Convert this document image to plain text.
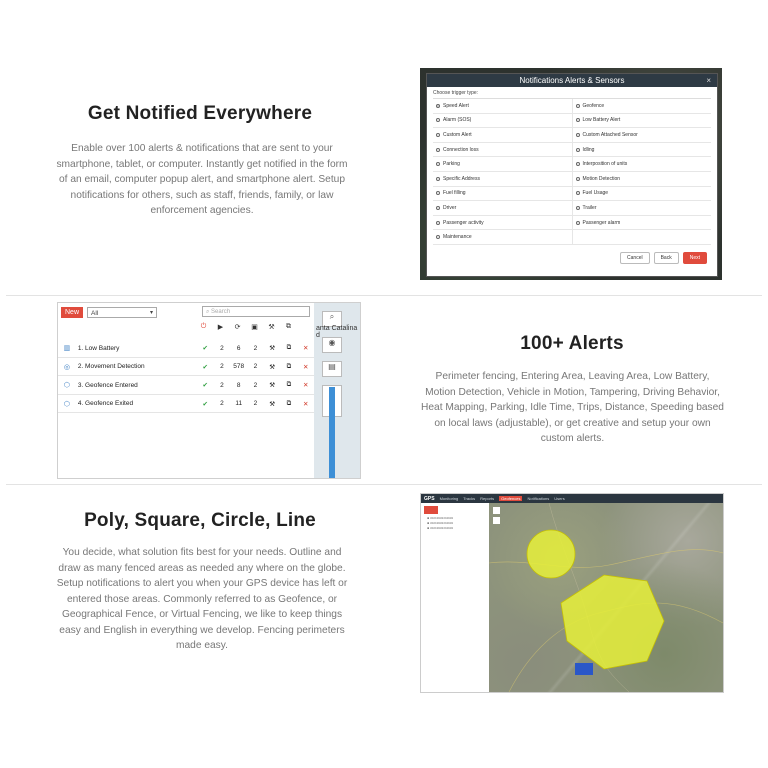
Get Notified Everywhere
Enable over 100 alerts & notifications that are sent to your
smartphone, tablet, or computer. Instantly get notified in the form
of an email, computer popup alert, and smartphone alert. Setup
notifications for others, such as staff, friends, family, or law
enforcement agencies.
Notifications Alerts & Sensors	×
Choose trigger type:
Speed Alert	Geofence
Alarm (SOS)	Low Battery Alert
Custom Alert	Custom Attached Sensor
Connection loss	Idling
Parking	Interposition of units
Specific Address	Motion Detection
Fuel filling	Fuel Usage
Driver	Trailer
Passenger activity	Passenger alarm
Maintenance
Cancel	Back	Next
New	All	▾	⌕ Search
⏻	▶	⟳	▣	⚒	⧉
▥	1. Low Battery	✔	2	6	2	⚒	⧉	✕
◎	2. Movement Detection	✔	2	578	2	⚒	⧉	✕
⬡	3. Geofence Entered	✔	2	8	2	⚒	⧉	✕
⬡	4. Geofence Exited	✔	2	11	2	⚒	⧉	✕
⌕
anta Catalina
d
◉
▤

100+ Alerts
Perimeter fencing, Entering Area, Leaving Area, Low Battery,
Motion Detection, Vehicle in Motion, Tampering, Driving Behavior,
Heat Mapping, Parking, Idle Time, Trips, Distance, Speeding based
on local laws (adjustable), or get creative and setup your own
custom alerts.
Poly, Square, Circle, Line
You decide, what solution fits best for your needs. Outline and
draw as many fenced areas as needed any where on the globe.
Setup notifications to alert you when your GPS device has left or
entered those areas. Commonly referred to as Geofence, or
Geographical Fence, or Virtual Fencing, we like to keep things
easy and English in everything we develop. Fencing perimeters
made easy.
GPS Monitoring Tracks Reports	Geofences	Notifications Users
● ▭▭▭▭▭▭▭
● ▭▭▭▭▭▭▭
● ▭▭▭▭▭▭▭
